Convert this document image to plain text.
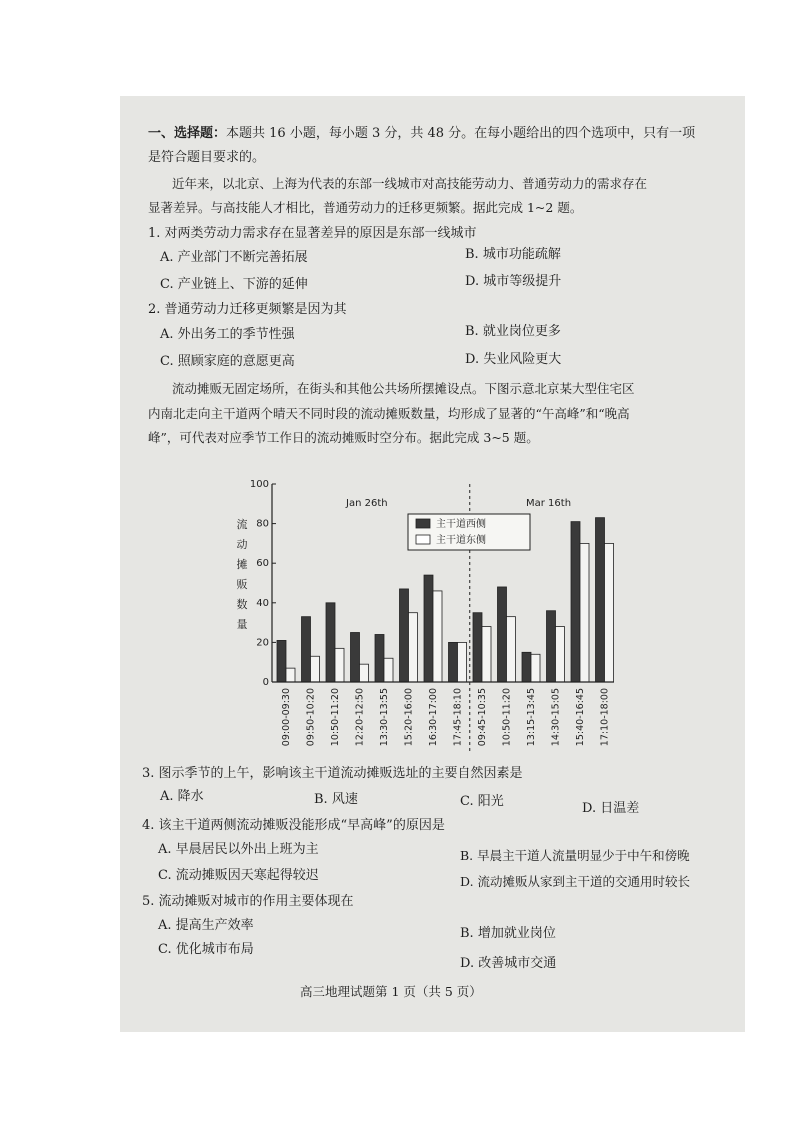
一、选择题：本题共 16 小题，每小题 3 分，共 48 分。在每小题给出的四个选项中，只有一项
是符合题目要求的。
近年来，以北京、上海为代表的东部一线城市对高技能劳动力、普通劳动力的需求存在
显著差异。与高技能人才相比，普通劳动力的迁移更频繁。据此完成 1~2 题。
1. 对两类劳动力需求存在显著差异的原因是东部一线城市
A. 产业部门不断完善拓展	B. 城市功能疏解
C. 产业链上、下游的延伸	D. 城市等级提升
2. 普通劳动力迁移更频繁是因为其
A. 外出务工的季节性强	B. 就业岗位更多
C. 照顾家庭的意愿更高	D. 失业风险更大
流动摊贩无固定场所，在街头和其他公共场所摆摊设点。下图示意北京某大型住宅区
内南北走向主干道两个晴天不同时段的流动摊贩数量，均形成了显著的“午高峰”和“晚高
峰”，可代表对应季节工作日的流动摊贩时空分布。据此完成 3~5 题。
0
20
40
60
80
100
09:00-09:30 09:50-10:20 10:50-11:20 12:20-12:50 13:30-13:55 15:20-16:00 16:30-17:00 17:45-18:10 09:45-10:35 10:50-11:20 13:15-13:45 14:30-15:05 15:40-16:45 17:10-18:00
流
动
摊
贩
数
量
Jan 26th	Mar 16th
主干道西侧
主干道东侧
3. 图示季节的上午，影响该主干道流动摊贩选址的主要自然因素是
A. 降水	B. 风速	C. 阳光	D. 日温差
4. 该主干道两侧流动摊贩没能形成“早高峰”的原因是
A. 早晨居民以外出上班为主	B. 早晨主干道人流量明显少于中午和傍晚
C. 流动摊贩因天寒起得较迟	D. 流动摊贩从家到主干道的交通用时较长
5. 流动摊贩对城市的作用主要体现在
A. 提高生产效率
B. 增加就业岗位
C. 优化城市布局
D. 改善城市交通
高三地理试题第 1 页（共 5 页）
